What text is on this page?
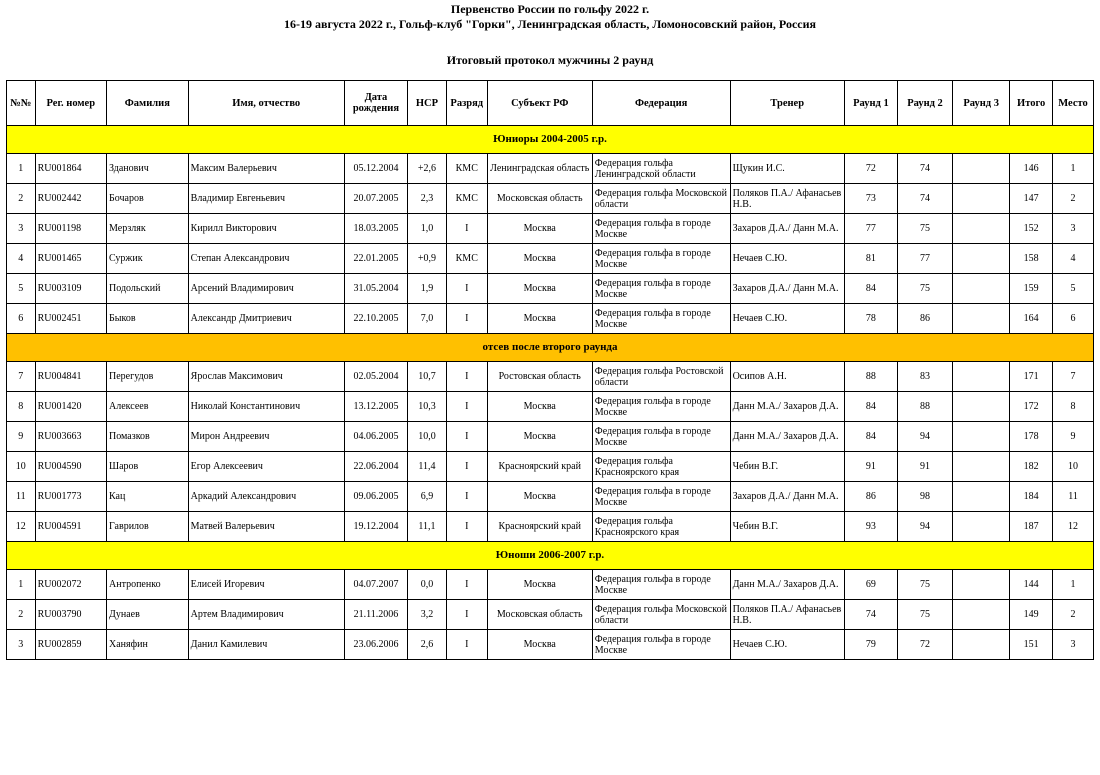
Первенство России по гольфу 2022 г.
16-19 августа 2022 г., Гольф-клуб "Горки", Ленинградская область, Ломоносовский район, Россия
Итоговый протокол мужчины 2 раунд
№№	Рег. номер	Фамилия	Имя, отчество	Дата рождения	HCP	Разряд	Субъект РФ	Федерация	Тренер	Раунд 1	Раунд 2	Раунд 3	Итого	Место
Юниоры 2004-2005 г.р.														
1	RU001864	Зданович	Максим Валерьевич	05.12.2004	+2,6	КМС	Ленинградская область	Федерация гольфа Ленинградской области	Щукин И.С.	72	74		146	1
2	RU002442	Бочаров	Владимир Евгеньевич	20.07.2005	2,3	КМС	Московская область	Федерация гольфа Московской области	Поляков П.А./ Афанасьев Н.В.	73	74		147	2
3	RU001198	Мерзляк	Кирилл Викторович	18.03.2005	1,0	I	Москва	Федерация гольфа в городе Москве	Захаров Д.А./ Данн М.А.	77	75		152	3
4	RU001465	Суржик	Степан Александрович	22.01.2005	+0,9	КМС	Москва	Федерация гольфа в городе Москве	Нечаев С.Ю.	81	77		158	4
5	RU003109	Подольский	Арсений Владимирович	31.05.2004	1,9	I	Москва	Федерация гольфа в городе Москве	Захаров Д.А./ Данн М.А.	84	75		159	5
6	RU002451	Быков	Александр Дмитриевич	22.10.2005	7,0	I	Москва	Федерация гольфа в городе Москве	Нечаев С.Ю.	78	86		164	6
отсев после второго раунда														
7	RU004841	Перегудов	Ярослав Максимович	02.05.2004	10,7	I	Ростовская область	Федерация гольфа Ростовской области	Осипов А.Н.	88	83		171	7
8	RU001420	Алексеев	Николай Константинович	13.12.2005	10,3	I	Москва	Федерация гольфа в городе Москве	Данн М.А./ Захаров Д.А.	84	88		172	8
9	RU003663	Помазков	Мирон Андреевич	04.06.2005	10,0	I	Москва	Федерация гольфа в городе Москве	Данн М.А./ Захаров Д.А.	84	94		178	9
10	RU004590	Шаров	Егор Алексеевич	22.06.2004	11,4	I	Красноярский край	Федерация гольфа Красноярского края	Чебин В.Г.	91	91		182	10
11	RU001773	Кац	Аркадий Александрович	09.06.2005	6,9	I	Москва	Федерация гольфа в городе Москве	Захаров Д.А./ Данн М.А.	86	98		184	11
12	RU004591	Гаврилов	Матвей Валерьевич	19.12.2004	11,1	I	Красноярский край	Федерация гольфа Красноярского края	Чебин В.Г.	93	94		187	12
Юноши 2006-2007 г.р.														
1	RU002072	Антропенко	Елисей Игоревич	04.07.2007	0,0	I	Москва	Федерация гольфа в городе Москве	Данн М.А./ Захаров Д.А.	69	75		144	1
2	RU003790	Дунаев	Артем Владимирович	21.11.2006	3,2	I	Московская область	Федерация гольфа Московской области	Поляков П.А./ Афанасьев Н.В.	74	75		149	2
3	RU002859	Ханяфин	Данил Камилевич	23.06.2006	2,6	I	Москва	Федерация гольфа в городе Москве	Нечаев С.Ю.	79	72		151	3
